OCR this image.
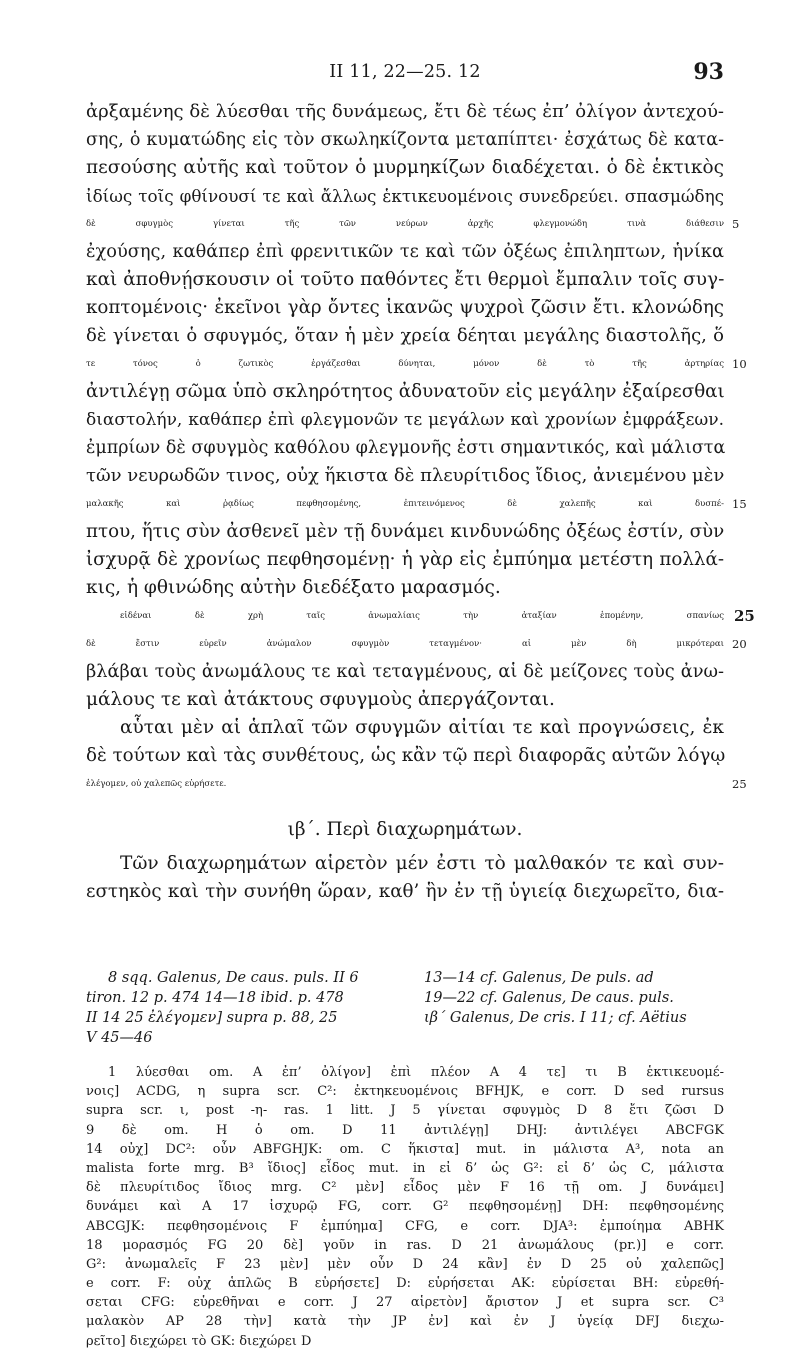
II 11, 22—25. 12	93
ἀρξαμένης δὲ λύεσθαι τῆς δυνάμεως, ἔτι δὲ τέως ἐπ’ ὀλίγον ἀντεχού-
σης, ὁ κυματώδης εἰς τὸν σκωληκίζοντα μεταπίπτει· ἐσχάτως δὲ κατα-
πεσούσης αὐτῆς καὶ τοῦτον ὁ μυρμηκίζων διαδέχεται. ὁ δὲ ἑκτικὸς
ἰδίως τοῖς φθίνουσί τε καὶ ἄλλως ἑκτικευομένοις συνεδρεύει. σπασμώδης
δὲ σφυγμὸς γίνεται τῆς τῶν νεύρων ἀρχῆς φλεγμονώδη τινὰ διάθεσιν 5
ἐχούσης, καθάπερ ἐπὶ φρενιτικῶν τε καὶ τῶν ὀξέως ἐπιληπτων, ἡνίκα
καὶ ἀποθνῄσκουσιν οἱ τοῦτο παθόντες ἔτι θερμοὶ ἔμπαλιν τοῖς συγ-
κοπτομένοις· ἐκεῖνοι γὰρ ὄντες ἱκανῶς ψυχροὶ ζῶσιν ἔτι. κλονώδης
δὲ γίνεται ὁ σφυγμός, ὅταν ἡ μὲν χρεία δέηται μεγάλης διαστολῆς, ὅ
τε τόνος ὁ ζωτικὸς ἐργάζεσθαι δύνηται, μόνον δὲ τὸ τῆς ἀρτηρίας 10
ἀντιλέγῃ σῶμα ὑπὸ σκληρότητος ἀδυνατοῦν εἰς μεγάλην ἐξαίρεσθαι
διαστολήν, καθάπερ ἐπὶ φλεγμονῶν τε μεγάλων καὶ χρονίων ἐμφράξεων.
ἐμπρίων δὲ σφυγμὸς καθόλου φλεγμονῆς ἐστι σημαντικός, καὶ μάλιστα
τῶν νευρωδῶν τινος, οὐχ ἥκιστα δὲ πλευρίτιδος ἴδιος, ἀνιεμένου μὲν
μαλακῆς καὶ ῥᾳδίως πεφθησομένης, ἐπιτεινόμενος δὲ χαλεπῆς καὶ δυσπέ- 15
πτου, ἥτις σὺν ἀσθενεῖ μὲν τῇ δυνάμει κινδυνώδης ὀξέως ἐστίν, σὺν
ἰσχυρᾷ δὲ χρονίως πεφθησομένῃ· ἡ γὰρ εἰς ἐμπύημα μετέστη πολλά-
κις, ἡ φθινώδης αὐτὴν διεδέξατο μαρασμός.
εἰδέναι δὲ χρὴ ταῖς ἀνωμαλίαις τὴν ἀταξίαν ἑπομένην, σπανίως 25
δὲ ἔστιν εὑρεῖν ἀνώμαλον σφυγμὸν τεταγμένον· αἱ μὲν δὴ μικρότεραι 20
βλάβαι τοὺς ἀνωμάλους τε καὶ τεταγμένους, αἱ δὲ μείζονες τοὺς ἀνω-
μάλους τε καὶ ἀτάκτους σφυγμοὺς ἀπεργάζονται.
αὗται μὲν αἱ ἁπλαῖ τῶν σφυγμῶν αἰτίαι τε καὶ προγνώσεις, ἐκ
δὲ τούτων καὶ τὰς συνθέτους, ὡς κἂν τῷ περὶ διαφορᾶς αὐτῶν λόγῳ
ἐλέγομεν, οὐ χαλεπῶς εὑρήσετε.	25
ιβ΄. Περὶ διαχωρημάτων.
Τῶν διαχωρημάτων αἱρετὸν μέν ἐστι τὸ μαλθακόν τε καὶ συν-
εστηκὸς καὶ τὴν συνήθη ὥραν, καθ’ ἣν ἐν τῇ ὑγιείᾳ διεχωρεῖτο, δια-
8 sqq. Galenus, De caus. puls. II 6	13—14 cf. Galenus, De puls. ad
tiron. 12 p. 474 14—18 ibid. p. 478	19—22 cf. Galenus, De caus. puls.
II 14 25 ἐλέγομεν] supra p. 88, 25	ιβ΄ Galenus, De cris. I 11; cf. Aëtius
V 45—46
1 λύεσθαι om. A ἐπ’ ὀλίγον] ἐπὶ πλέον A 4 τε] τι B ἑκτικευομέ-
νοις] ACDG, η supra scr. C²: ἐκτηκευομένοις BFHJK, e corr. D sed rursus
supra scr. ι, post -η- ras. 1 litt. J 5 γίνεται σφυγμὸς D 8 ἔτι ζῶσι D
9 δὲ om. H ὁ om. D 11 ἀντιλέγῃ] DHJ: ἀντιλέγει ABCFGK
14 οὐχ] DC²: οὖν ABFGHJK: om. C ἥκιστα] mut. in μάλιστα A³, nota an
malista forte mrg. B³ ἴδιος] εἶδος mut. in εἰ δ’ ὡς G²: εἰ δ’ ὡς C, μάλιστα
δὲ πλευρίτιδος ἴδιος mrg. C² μὲν] εἶδος μὲν F 16 τῇ om. J δυνάμει]
δυνάμει καὶ A 17 ἰσχυρῷ FG, corr. G² πεφθησομένῃ] DH: πεφθησομένης
ABCGJK: πεφθησομένοις F ἐμπύημα] CFG, e corr. DJA³: ἐμποίημα ABHK
18 μορασμός FG 20 δὲ] γοῦν in ras. D 21 ἀνωμάλους (pr.)] e corr.
G²: ἀνωμαλεῖς F 23 μὲν] μὲν οὖν D 24 κἂν] ἐν D 25 οὐ χαλεπῶς]
e corr. F: οὐχ ἁπλῶς B εὑρήσετε] D: εὑρήσεται AK: εὑρίσεται BH: εὑρεθή-
σεται CFG: εὑρεθῆναι e corr. J 27 αἱρετὸν] ἄριστον J et supra scr. C³
μαλακὸν AP 28 τὴν] κατὰ τὴν JP ἐν] καὶ ἐν J ὑγείᾳ DFJ διεχω-
ρεῖτο] διεχώρει τὸ GK: διεχώρει D
